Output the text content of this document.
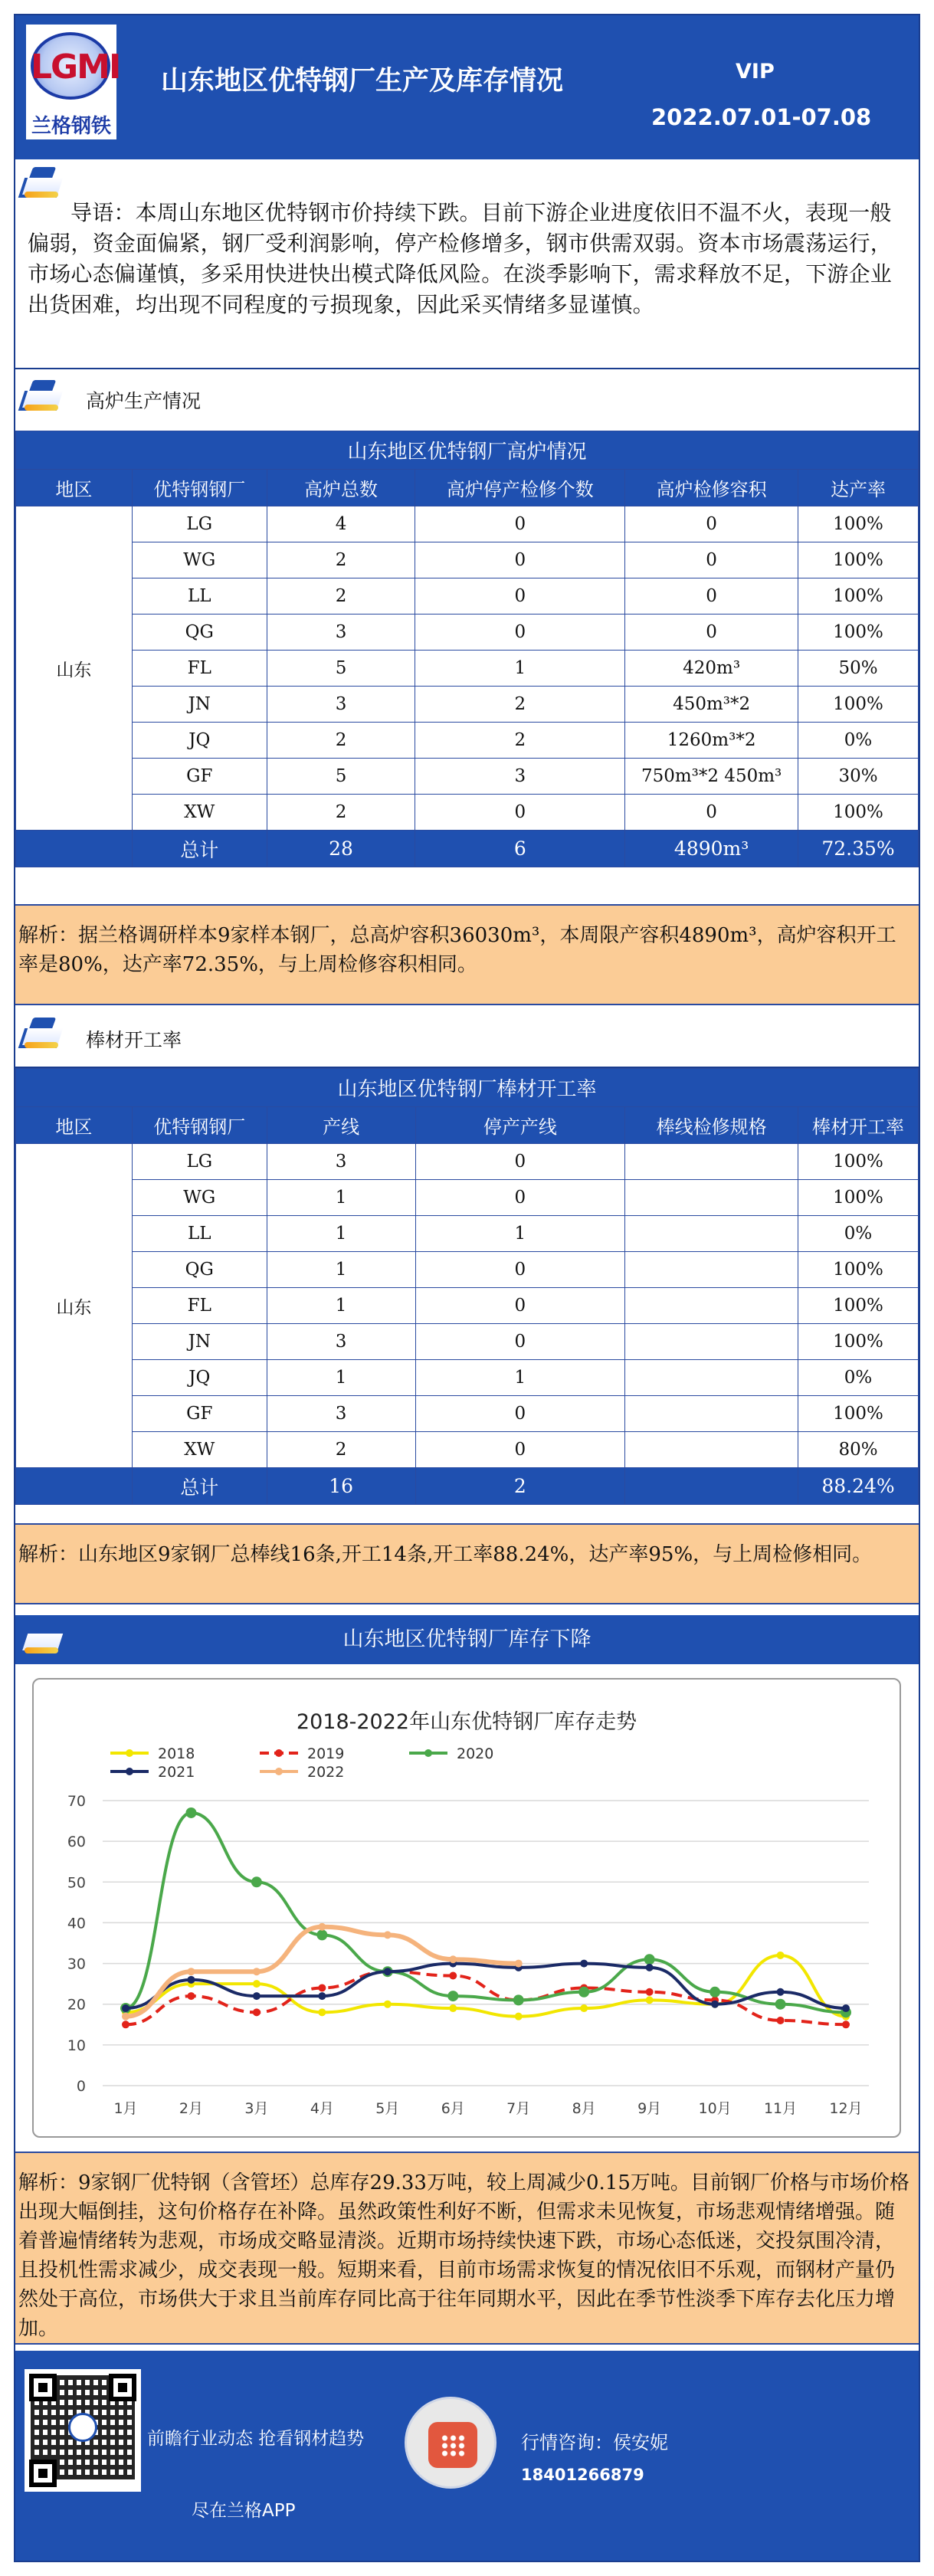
LGMI
兰格钢铁
山东地区优特钢厂生产及库存情况	VIP
2022.07.01-07.08
导语：本周山东地区优特钢市价持续下跌。目前下游企业进度依旧不温不火，表现一般偏弱，资金面偏紧，钢厂受利润影响，停产检修增多，钢市供需双弱。资本市场震荡运行，市场心态偏谨慎，多采用快进快出模式降低风险。在淡季影响下，需求释放不足，下游企业出货困难，均出现不同程度的亏损现象，因此采买情绪多显谨慎。
高炉生产情况
山东地区优特钢厂高炉情况					
地区	优特钢钢厂	高炉总数	高炉停产检修个数	高炉检修容积	达产率
山东	LG	4	0	0	100%
	WG	2	0	0	100%
	LL	2	0	0	100%
	QG	3	0	0	100%
	FL	5	1	420m³	50%
	JN	3	2	450m³*2	100%
	JQ	2	2	1260m³*2	0%
	GF	5	3	750m³*2 450m³	30%
	XW	2	0	0	100%
	总计	28	6	4890m³	72.35%
解析：据兰格调研样本9家样本钢厂，总高炉容积36030m³，本周限产容积4890m³，高炉容积开工率是80%，达产率72.35%，与上周检修容积相同。
棒材开工率
山东地区优特钢厂棒材开工率					
地区	优特钢钢厂	产线	停产产线	棒线检修规格	棒材开工率
山东	LG	3	0		100%
	WG	1	0		100%
	LL	1	1		0%
	QG	1	0		100%
	FL	1	0		100%
	JN	3	0		100%
	JQ	1	1		0%
	GF	3	0		100%
	XW	2	0		80%
	总计	16	2		88.24%
解析：山东地区9家钢厂总棒线16条,开工14条,开工率88.24%，达产率95%，与上周检修相同。
山东地区优特钢厂库存下降
2018-2022年山东优特钢厂库存走势
2018	2019	2020
2021	2022
1月	2月	3月	4月	5月	6月	7月	8月	9月	10月 11月 12月
0
10
20
30
40
50
60
70
解析：9家钢厂优特钢（含管坯）总库存29.33万吨，较上周减少0.15万吨。目前钢厂价格与市场价格出现大幅倒挂，这句价格存在补降。虽然政策性利好不断，但需求未见恢复，市场悲观情绪增强。随着普遍情绪转为悲观，市场成交略显清淡。近期市场持续快速下跌，市场心态低迷，交投氛围冷清，且投机性需求减少，成交表现一般。短期来看，目前市场需求恢复的情况依旧不乐观，而钢材产量仍然处于高位，市场供大于求且当前库存同比高于往年同期水平，因此在季节性淡季下库存去化压力增加。
前瞻行业动态 抢看钢材趋势
尽在兰格APP
行情咨询：侯安妮
18401266879
